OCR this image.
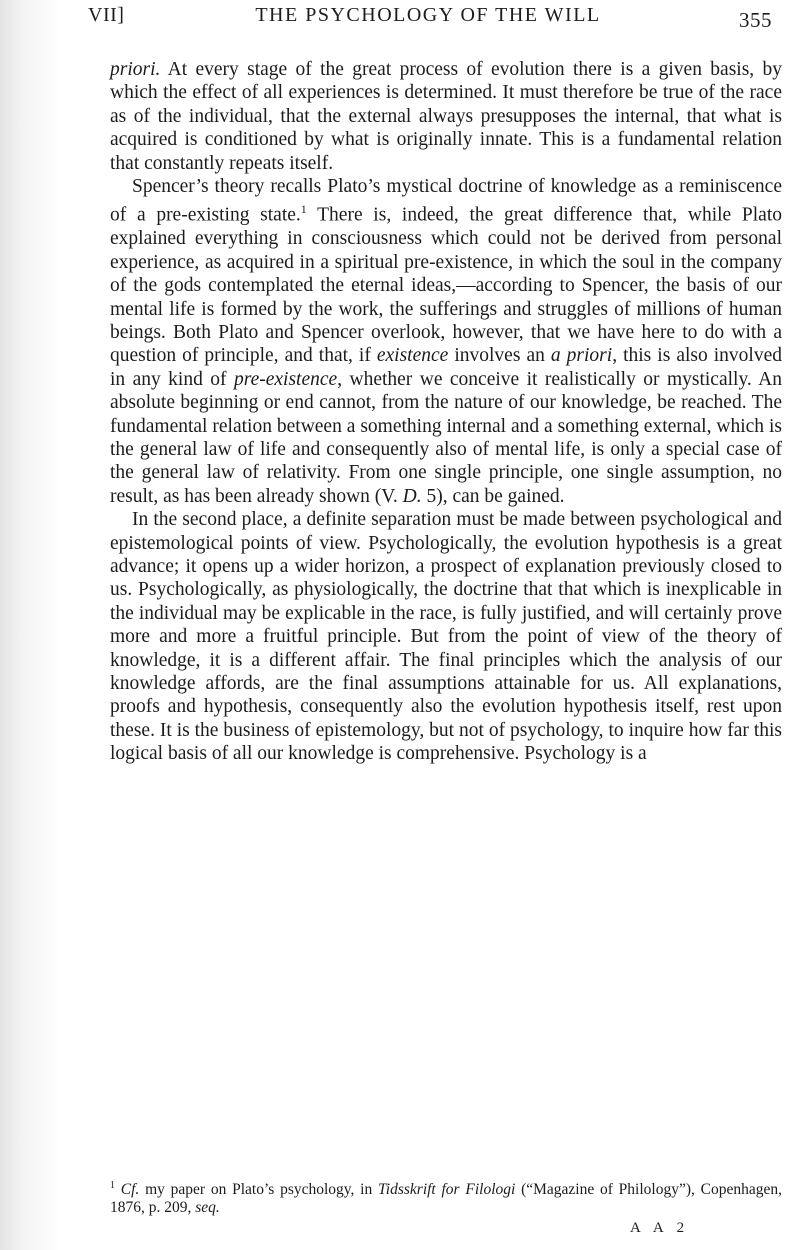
VII]	THE PSYCHOLOGY OF THE WILL	355

priori. At every stage of the great process of evolution there is a given basis, by which the effect of all experiences is determined. It must therefore be true of the race as of the individual, that the external always presupposes the internal, that what is acquired is conditioned by what is originally innate. This is a fundamental relation that constantly repeats itself.

Spencer’s theory recalls Plato’s mystical doctrine of knowledge as a reminiscence of a pre-existing state.$^1$ There is, indeed, the great difference that, while Plato explained everything in consciousness which could not be derived from personal experience, as acquired in a spiritual pre-existence, in which the soul in the company of the gods contemplated the eternal ideas,—according to Spencer, the basis of our mental life is formed by the work, the sufferings and struggles of millions of human beings. Both Plato and Spencer overlook, however, that we have here to do with a question of principle, and that, if existence involves an a priori, this is also involved in any kind of pre-existence, whether we conceive it realistically or mystically. An absolute beginning or end cannot, from the nature of our knowledge, be reached. The fundamental relation between a something internal and a something external, which is the general law of life and consequently also of mental life, is only a special case of the general law of relativity. From one single principle, one single assumption, no result, as has been already shown (V. D. 5), can be gained.

In the second place, a definite separation must be made between psychological and epistemological points of view. Psychologically, the evolution hypothesis is a great advance; it opens up a wider horizon, a prospect of explanation previously closed to us. Psychologically, as physiologically, the doctrine that that which is inexplicable in the individual may be explicable in the race, is fully justified, and will certainly prove more and more a fruitful principle. But from the point of view of the theory of knowledge, it is a different affair. The final principles which the analysis of our knowledge affords, are the final assumptions attainable for us. All explanations, proofs and hypothesis, consequently also the evolution hypothesis itself, rest upon these. It is the business of epistemology, but not of psychology, to inquire how far this logical basis of all our knowledge is comprehensive. Psychology is a

$^1$ Cf. my paper on Plato’s psychology, in Tidsskrift for Filologi (“Magazine of Philology”), Copenhagen, 1876, p. 209, seq.
A A 2
